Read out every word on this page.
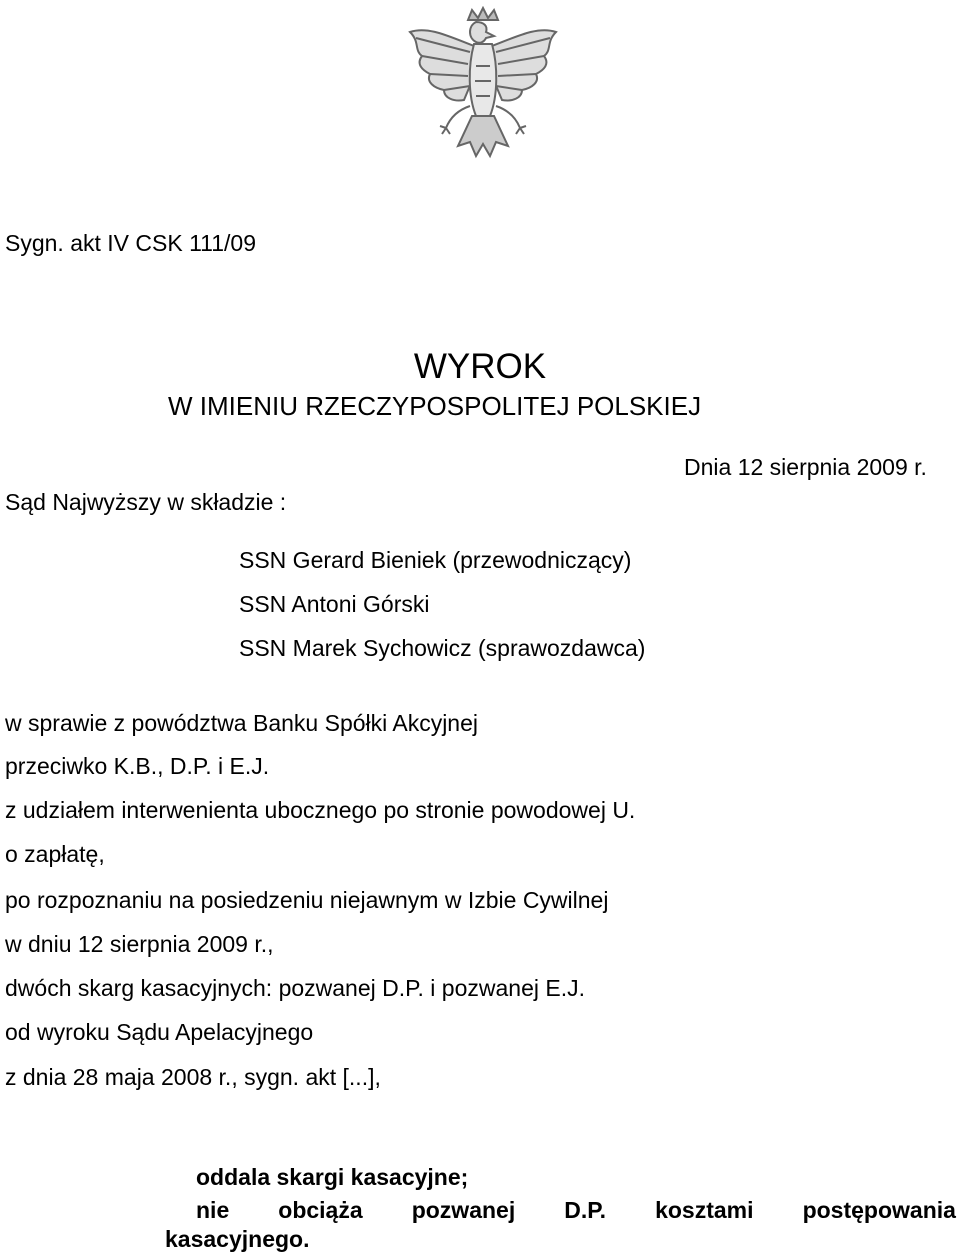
Sygn. akt IV CSK 111/09
WYROK
W IMIENIU RZECZYPOSPOLITEJ POLSKIEJ
Dnia 12 sierpnia 2009 r.
Sąd Najwyższy w składzie :
SSN Gerard Bieniek (przewodniczący)
SSN Antoni Górski
SSN Marek Sychowicz (sprawozdawca)
w sprawie z powództwa Banku Spółki Akcyjnej
przeciwko K.B., D.P. i E.J.
z udziałem interwenienta ubocznego po stronie powodowej U.
o zapłatę,
po rozpoznaniu na posiedzeniu niejawnym w Izbie Cywilnej
w dniu 12 sierpnia 2009 r.,
dwóch skarg kasacyjnych: pozwanej D.P. i pozwanej E.J.
od wyroku Sądu Apelacyjnego
z dnia 28 maja 2008 r., sygn. akt [...],
oddala skargi kasacyjne;
nie obciąża pozwanej D.P. kosztami postępowania
kasacyjnego.
